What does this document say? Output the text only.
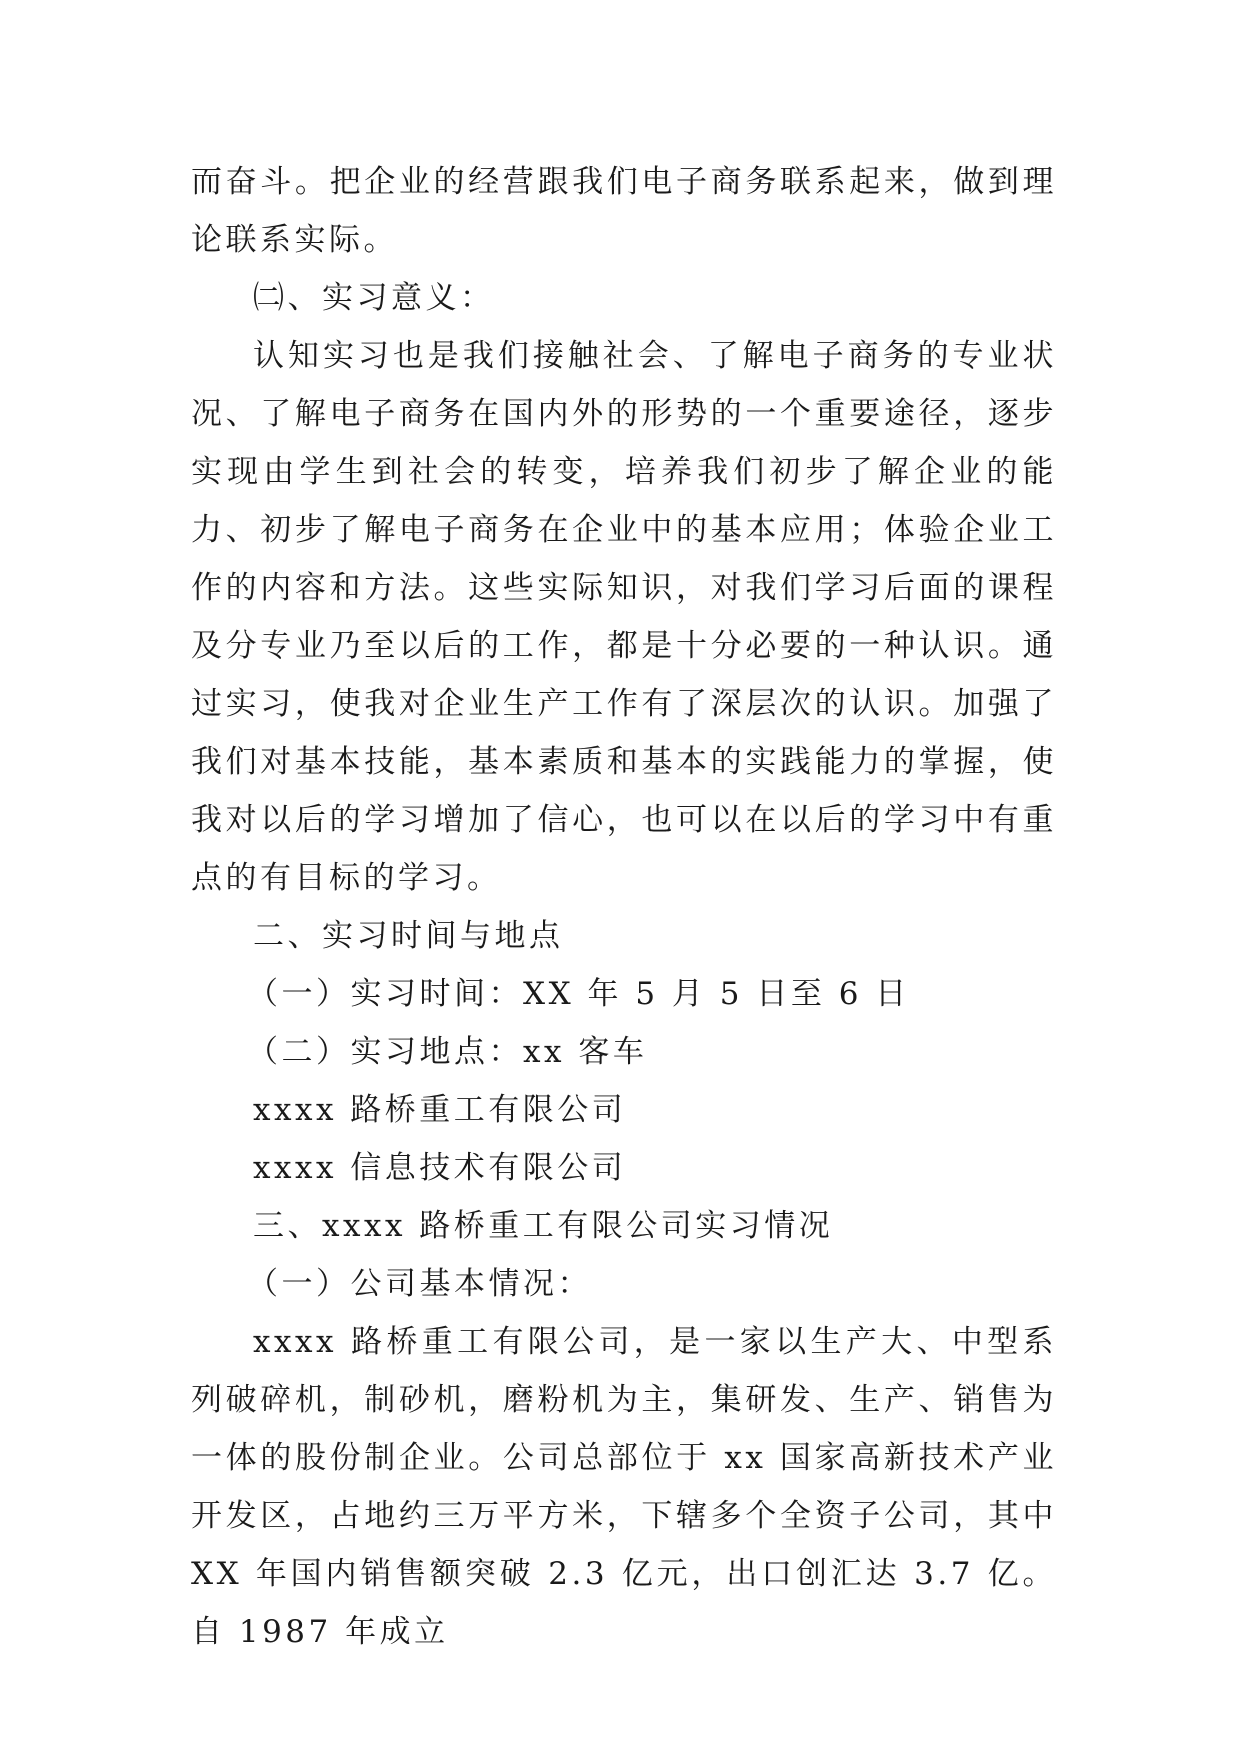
而奋斗。把企业的经营跟我们电子商务联系起来，做到理论联系实际。

㈡、实习意义：

认知实习也是我们接触社会、了解电子商务的专业状况、了解电子商务在国内外的形势的一个重要途径，逐步实现由学生到社会的转变，培养我们初步了解企业的能力、初步了解电子商务在企业中的基本应用；体验企业工作的内容和方法。这些实际知识，对我们学习后面的课程及分专业乃至以后的工作，都是十分必要的一种认识。通过实习，使我对企业生产工作有了深层次的认识。加强了我们对基本技能，基本素质和基本的实践能力的掌握，使我对以后的学习增加了信心，也可以在以后的学习中有重点的有目标的学习。

二、实习时间与地点

（一）实习时间：XX 年 5 月 5 日至 6 日

（二）实习地点：xx 客车

xxxx 路桥重工有限公司

xxxx 信息技术有限公司

三、xxxx 路桥重工有限公司实习情况

（一）公司基本情况：

xxxx 路桥重工有限公司，是一家以生产大、中型系列破碎机，制砂机，磨粉机为主，集研发、生产、销售为一体的股份制企业。公司总部位于 xx 国家高新技术产业开发区，占地约三万平方米，下辖多个全资子公司，其中 XX 年国内销售额突破 2.3 亿元，出口创汇达 3.7 亿。自 1987 年成立
